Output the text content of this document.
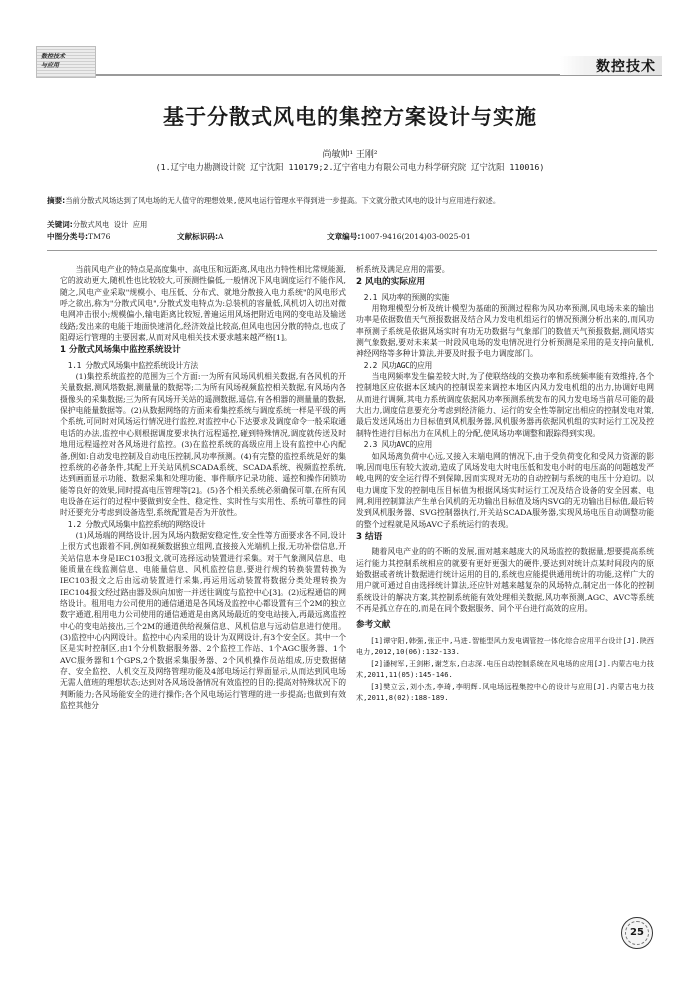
数控技术
与应用	数控技术
基于分散式风电的集控方案设计与实施
尚敏帅¹ 王刚²
(1.辽宁电力勘测设计院 辽宁沈阳 110179;2.辽宁省电力有限公司电力科学研究院 辽宁沈阳 110016)
摘要:当前分散式风场达到了风电场的无人值守的理想效果,使风电运行管理水平得到进一步提高。下文就分散式风电的设计与应用进行叙述。
关键词:分散式风电 设计 应用
中图分类号:TM76	文献标识码:A	文章编号:1007-9416(2014)03-0025-01

当前风电产业的特点是高度集中、高电压和远距离,风电出力特性相比常规能源,它的波动更大,随机性也比较较大,可预测性偏低,一般情况下风电调度运行不能作风,随之,风电产业采取"规模小、电压低、分布式、就地分散接入电力系统"的风电形式呼之欲出,称为"分散式风电",分散式发电特点为:总装机的容量低,风机切入切出对微电网冲击很小;规模偏小,输电距离比较短,普遍运用风场把附近电网的变电站及输送线路;发出来的电能于地面快速消化,经济效益比较高,但风电也因分散的特点,也成了阻碍运行管理的主要因素,从而对风电相关技术要求越来越严格[1]。

1 分散式风场集中监控系统设计
1.1 分散式风场集中监控系统设计方法

(1)集控系统监控的范围为三个方面:一为所有风场风机相关数据,有各风机的开关量数据,测风塔数据,测量量的数据等;二为所有风场视频监控相关数据,有风场内各摄像头的采集数据;三为所有风场开关站的遥测数据,遥信,有各相器的测量量的数据,保护电能量数据等。(2)从数据网络的方面来看集控系统与调度系统一样是平级的两个系统,可同时对风场运行情况进行监控,对监控中心下达要求及调度命令一般采取通电话的办法,监控中心则根据调度要求执行远程遥控,碰到特殊情况,调度就传送及时地用远程遥控对各风场进行监控。(3)在监控系统的高级应用上设有监控中心内配备,例如:自动发电控制及自动电压控制,风功率预测。(4)有完整的监控系统是好的集控系统的必备条件,其配上开关站风机SCADA系统、SCADA系统、视频监控系统,达到画面显示功能、数据采集和处理功能、事件顺序记录功能、遥控和操作闭锁功能等良好的效果,同时提高电压管理等[2]。(5)各个相关系统必须确保可靠,在所有风电设备在运行的过程中要做到安全性、稳定性、实时性与实用性、系统可靠性的同时还要充分考虑到设备选型,系统配置是否为开放性。

1.2 分散式风场集中监控系统的网络设计

(1)风场端的网络设计,因为风场内数据安稳定性,安全性等方面要求各不同,设计上很方式也跟着不同,例如视频数据独立组网,直接接入光端机上报,无功补偿信息,开关站信息本身是IEC103报文,就可选择远动装置进行采集。对于气象测风信息、电能质量在线监测信息、电能量信息、风机监控信息,要进行规约转换装置转换为IEC103报文之后由远动装置进行采集,再运用远动装置将数据分类处理转换为IEC104报文经过路由器及纵向加密一并送往调度与监控中心[3]。(2)远程通信的网络设计。租用电力公司使用的通信通道是各风场及监控中心都设置有三个2M的独立数字通道,租用电力公司使用的通信通道是由离风场最近的变电站接入,再最远离监控中心的变电站接出,三个2M的通道供给视频信息、风机信息与远动信息进行使用。(3)监控中心内网设计。监控中心内采用的设计为双网设计,有3个安全区。其中一个区是实时控制区,由1个分机数据服务器、2个监控工作站、1个AGC服务器、1个AVC服务器和1个GPS,2个数据采集服务器、2个风机操作员站组成,历史数据储存、安全监控、人机交互及网络管理功能及4部电场运行界面显示,从而达到风电场无需人值班的理想状态;达到对各风场设备情况有效监控的目的;提高对特殊状况下的判断能力;各风场能安全的进行操作;各个风电场运行管理的进一步提高;也做到有效监控其他分

析系统及满足应用的需要。

2 风电的实际应用
2.1 风功率的预测的实施

用物理模型分析及统计模型为基础的预测过程称为风功率预测,风电场未来的输出功率是依据数值天气预报数据及结合风力发电机组运行的情况预测分析出来的,而风功率预测子系统是依据风场实时有功无功数据与气象部门的数值天气预报数据,测风塔实测气象数据,要对未来某一时段风电场的发电情况进行分析预测是采用的是支持向量机,神经网络等多种计算法,并要及时报予电力调度部门。

2.2 风功AGC的应用

当电网频率发生偏差较大时,为了使联络线的交换功率和系统频率能有效维持,各个控制地区应依据本区域内的控制误差来调控本地区内风力发电机组的出力,协调好电网从而进行调频,其电力系统调度依据风功率预测系统发布的风力发电场当前尽可能的最大出力,调度信息要充分考虑到经济能力、运行的安全性等制定出相应的控制发电对策,最后发送风场出力目标值到风机服务器,风机服务器再依据风机组的实时运行工况及控制特性进行目标出力在风机上的分配,使风场功率调整和跟踪得到实现。

2.3 风功AVC的应用

如风场离负荷中心远,又接入末端电网的情况下,由于受负荷变化和受风力资源的影响,因而电压有较大波动,造成了风场发电大时电压低和发电小时的电压高的问题越发严峻,电网的安全运行得不到保障,因而实现对无功的自动控制与系统的电压十分迫切。以电力调度下发的控制电压目标值为根据风场实时运行工况及结合设备的安全因素、电网,利用控制算法产生单台风机的无功输出目标值及场内SVG的无功输出目标值,最后转发到风机服务器、SVG控制器执行,开关站SCADA服务器,实现风场电压自动调整功能的整个过程就是风场AVC子系统运行的表现。

3 结语

随着风电产业的的不断的发展,面对越来越庞大的风场监控的数据量,想要提高系统运行能力其控制系统相应的就要有更好更强大的硬件,要达到对统计点某时间段内的原始数据或者统计数据进行统计运用的目的,系统也应能提供通用统计的功能,这样广大的用户就可通过自由选择统计算法,还应针对越来越复杂的风场特点,制定出一体化的控制系统设计的解决方案,其控制系统能有效处理相关数据,风功率预测,AGC、AVC等系统不再是孤立存在的,而是在同个数据服务、同个平台进行高效的应用。

参考文献

[1]谭守阳,韩强,张正中,马进.智能型风力发电调管控一体化综合应用平台设计[J].陕西电力,2012,10(06):132-133.

[2]潘树军,王剑彬,谢芝东,白志深.电压自动控制系统在风电场的应用[J].内蒙古电力技术,2011,11(05):145-146.

[3]樊立云,刘小杰,李琦,李明辉.风电场远程集控中心的设计与应用[J].内蒙古电力技术,2011,8(02):188-189.

25
